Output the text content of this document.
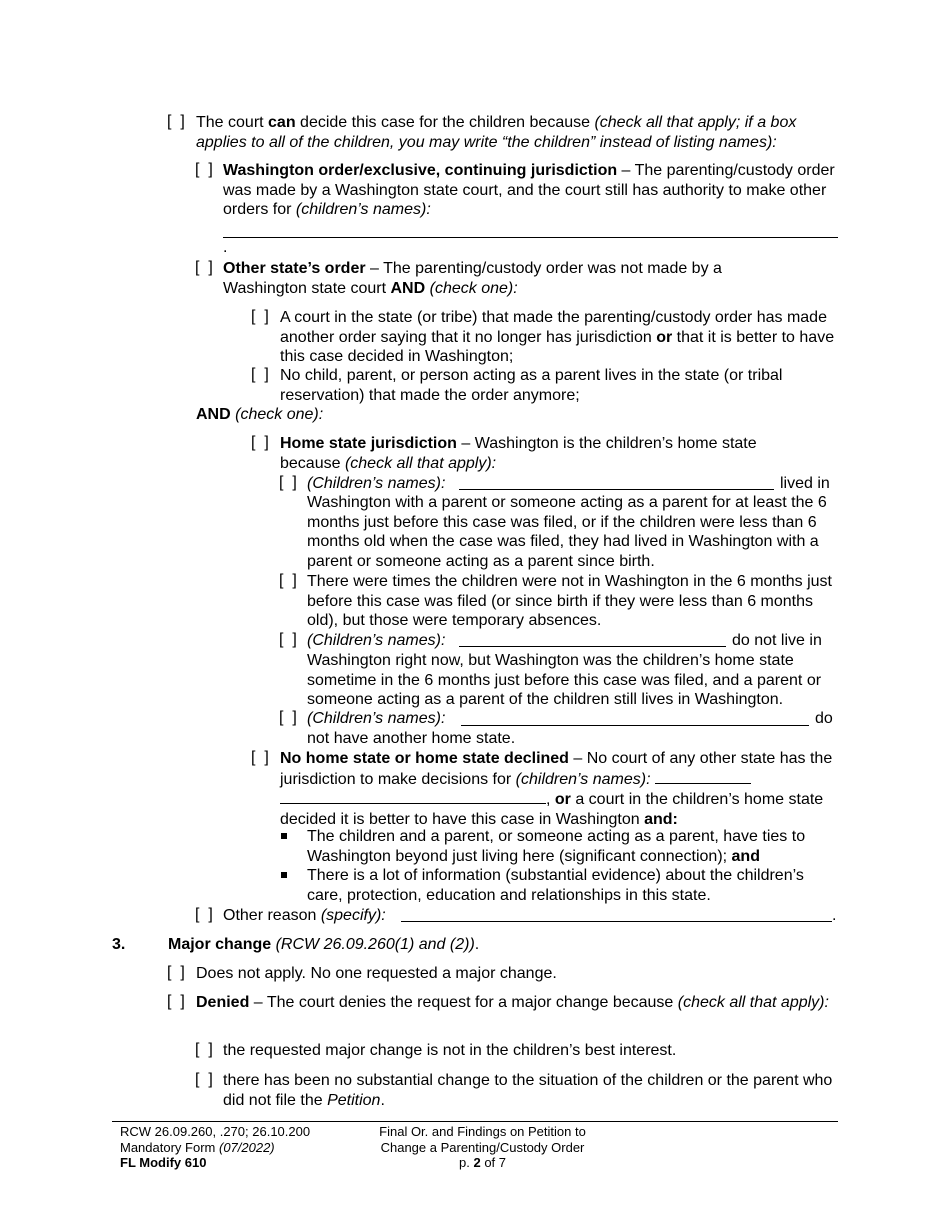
[  ] The court can decide this case for the children because (check all that apply; if a box applies to all of the children, you may write “the children” instead of listing names):
[  ] Washington order/exclusive, continuing jurisdiction – The parenting/custody order was made by a Washington state court, and the court still has authority to make other orders for (children’s names):
.
[  ] Other state’s order – The parenting/custody order was not made by a Washington state court AND (check one):
[  ] A court in the state (or tribe) that made the parenting/custody order has made another order saying that it no longer has jurisdiction or that it is better to have this case decided in Washington;
[  ] No child, parent, or person acting as a parent lives in the state (or tribal reservation) that made the order anymore;
AND (check one):
[  ] Home state jurisdiction – Washington is the children’s home state because (check all that apply):
[  ] (Children’s names):	lived in
Washington with a parent or someone acting as a parent for at least the 6 months just before this case was filed, or if the children were less than 6 months old when the case was filed, they had lived in Washington with a parent or someone acting as a parent since birth.
[  ] There were times the children were not in Washington in the 6 months just before this case was filed (or since birth if they were less than 6 months old), but those were temporary absences.
[  ] (Children’s names):	do not live in
Washington right now, but Washington was the children’s home state sometime in the 6 months just before this case was filed, and a parent or someone acting as a parent of the children still lives in Washington.
[  ] (Children’s names):	do
not have another home state.
[  ] No home state or home state declined – No court of any other state has the jurisdiction to make decisions for (children’s names):
, or a court in the children’s home state decided it is better to have this case in Washington and:
The children and a parent, or someone acting as a parent, have ties to Washington beyond just living here (significant connection); and
There is a lot of information (substantial evidence) about the children’s care, protection, education and relationships in this state.
[  ] Other reason (specify):	.
3.	Major change (RCW 26.09.260(1) and (2)).
[  ] Does not apply. No one requested a major change.
[  ] Denied – The court denies the request for a major change because (check all that apply):
[  ] the requested major change is not in the children’s best interest.
[  ] there has been no substantial change to the situation of the children or the parent who did not file the Petition.
RCW 26.09.260, .270; 26.10.200
Mandatory Form (07/2022)
FL Modify 610
Final Or. and Findings on Petition to
Change a Parenting/Custody Order
p. 2 of 7
